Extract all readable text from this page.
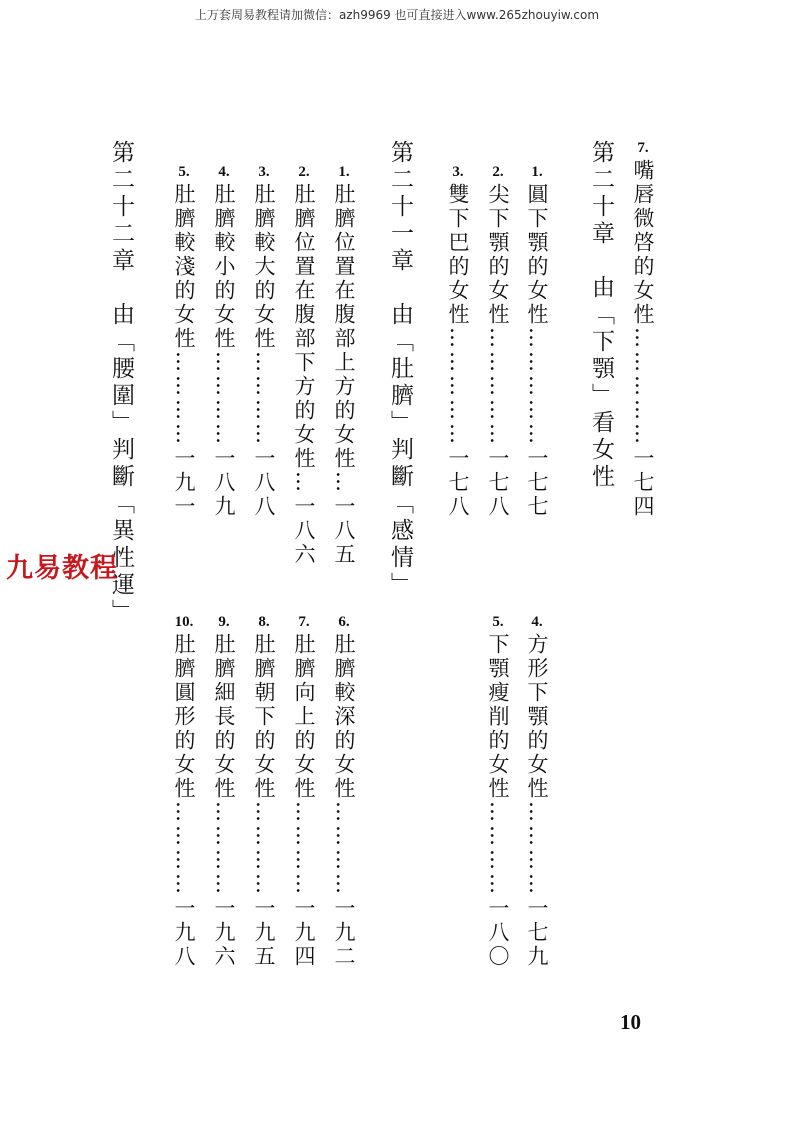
上万套周易教程请加微信：azh9969 也可直接进入www.265zhouyiw.com
7.
嘴唇微啓的女性……………一七四
第二十章　由「下顎」看女性
1.
圓下顎的女性……………一七七
2.
尖下顎的女性……………一七八
3.
雙下巴的女性……………一七八
第二十一章　由「肚臍」判斷「感情」
1.
肚臍位置在腹部上方的女性…一八五
2.
肚臍位置在腹部下方的女性…一八六
3.
肚臍較大的女性…………一八八
4.
肚臍較小的女性…………一八九
5.
肚臍較淺的女性…………一九一
第二十二章　由「腰圍」判斷「異性運」	4.
方形下顎的女性…………一七九
5.
下顎瘦削的女性…………一八〇
6.
肚臍較深的女性…………一九二
7.
肚臍向上的女性…………一九四
8.
肚臍朝下的女性…………一九五
9.
肚臍細長的女性…………一九六
10.
肚臍圓形的女性…………一九八
九易教程
10
